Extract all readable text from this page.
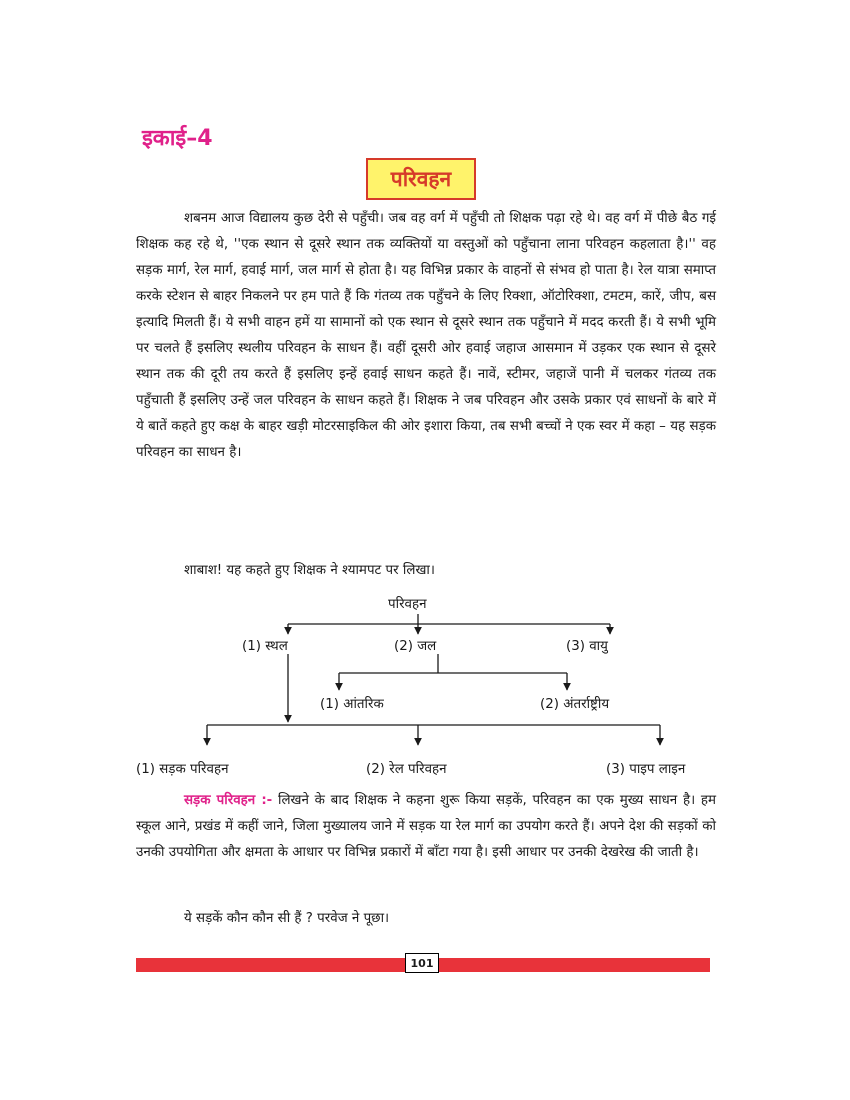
इकाई–4
परिवहन

शबनम आज विद्यालय कुछ देरी से पहुँची। जब वह वर्ग में पहुँची तो शिक्षक पढ़ा रहे थे। वह वर्ग में पीछे बैठ गई शिक्षक कह रहे थे, ''एक स्थान से दूसरे स्थान तक व्यक्तियों या वस्तुओं को पहुँचाना लाना परिवहन कहलाता है।'' वह सड़क मार्ग, रेल मार्ग, हवाई मार्ग, जल मार्ग से होता है। यह विभिन्न प्रकार के वाहनों से संभव हो पाता है। रेल यात्रा समाप्त करके स्टेशन से बाहर निकलने पर हम पाते हैं कि गंतव्य तक पहुँचने के लिए रिक्शा, ऑटोरिक्शा, टमटम, कारें, जीप, बस इत्यादि मिलती हैं। ये सभी वाहन हमें या सामानों को एक स्थान से दूसरे स्थान तक पहुँचाने में मदद करती हैं। ये सभी भूमि पर चलते हैं इसलिए स्थलीय परिवहन के साधन हैं। वहीं दूसरी ओर हवाई जहाज आसमान में उड़कर एक स्थान से दूसरे स्थान तक की दूरी तय करते हैं इसलिए इन्हें हवाई साधन कहते हैं। नावें, स्टीमर, जहाजें पानी में चलकर गंतव्य तक पहुँचाती हैं इसलिए उन्हें जल परिवहन के साधन कहते हैं। शिक्षक ने जब परिवहन और उसके प्रकार एवं साधनों के बारे में ये बातें कहते हुए कक्ष के बाहर खड़ी मोटरसाइकिल की ओर इशारा किया, तब सभी बच्चों ने एक स्वर में कहा – यह सड़क परिवहन का साधन है।

शाबाश! यह कहते हुए शिक्षक ने श्यामपट पर लिखा।
परिवहन
(1) स्थल	(2) जल	(3) वायु
(1) आंतरिक	(2) अंतर्राष्ट्रीय
(1) सड़क परिवहन	(2) रेल परिवहन	(3) पाइप लाइन

सड़क परिवहन :- लिखने के बाद शिक्षक ने कहना शुरू किया सड़कें, परिवहन का एक मुख्य साधन है। हम स्कूल आने, प्रखंड में कहीं जाने, जिला मुख्यालय जाने में सड़क या रेल मार्ग का उपयोग करते हैं। अपने देश की सड़कों को उनकी उपयोगिता और क्षमता के आधार पर विभिन्न प्रकारों में बाँटा गया है। इसी आधार पर उनकी देखरेख की जाती है।

ये सड़कें कौन कौन सी हैं ? परवेज ने पूछा।
101
